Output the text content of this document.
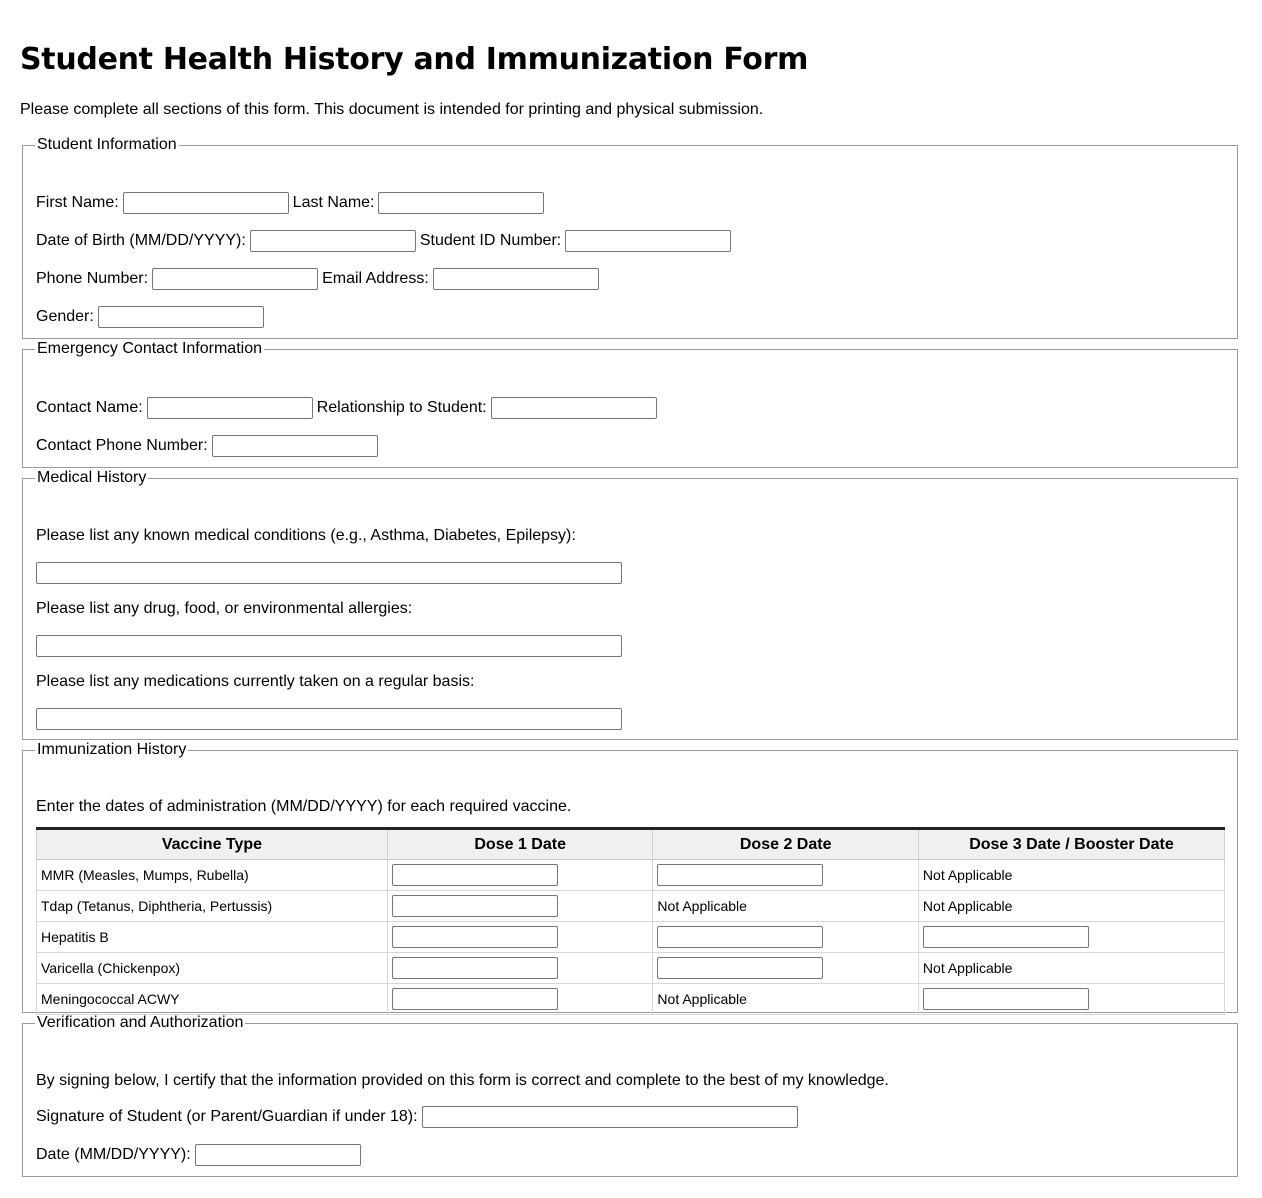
Student Health History and Immunization Form
Please complete all sections of this form. This document is intended for printing and physical submission.
Student Information
First Name:	Last Name:
Date of Birth (MM/DD/YYYY):	Student ID Number:
Phone Number:	Email Address:
Gender:
Emergency Contact Information
Contact Name:	Relationship to Student:
Contact Phone Number:
Medical History
Please list any known medical conditions (e.g., Asthma, Diabetes, Epilepsy):
Please list any drug, food, or environmental allergies:
Please list any medications currently taken on a regular basis:
Immunization History
Enter the dates of administration (MM/DD/YYYY) for each required vaccine.
Vaccine Type	Dose 1 Date	Dose 2 Date	Dose 3 Date / Booster Date
MMR (Measles, Mumps, Rubella)			Not Applicable
Tdap (Tetanus, Diphtheria, Pertussis)		Not Applicable	Not Applicable
Hepatitis B			
Varicella (Chickenpox)			Not Applicable
Meningococcal ACWY		Not Applicable	
Verification and Authorization
By signing below, I certify that the information provided on this form is correct and complete to the best of my knowledge.
Signature of Student (or Parent/Guardian if under 18):
Date (MM/DD/YYYY):
